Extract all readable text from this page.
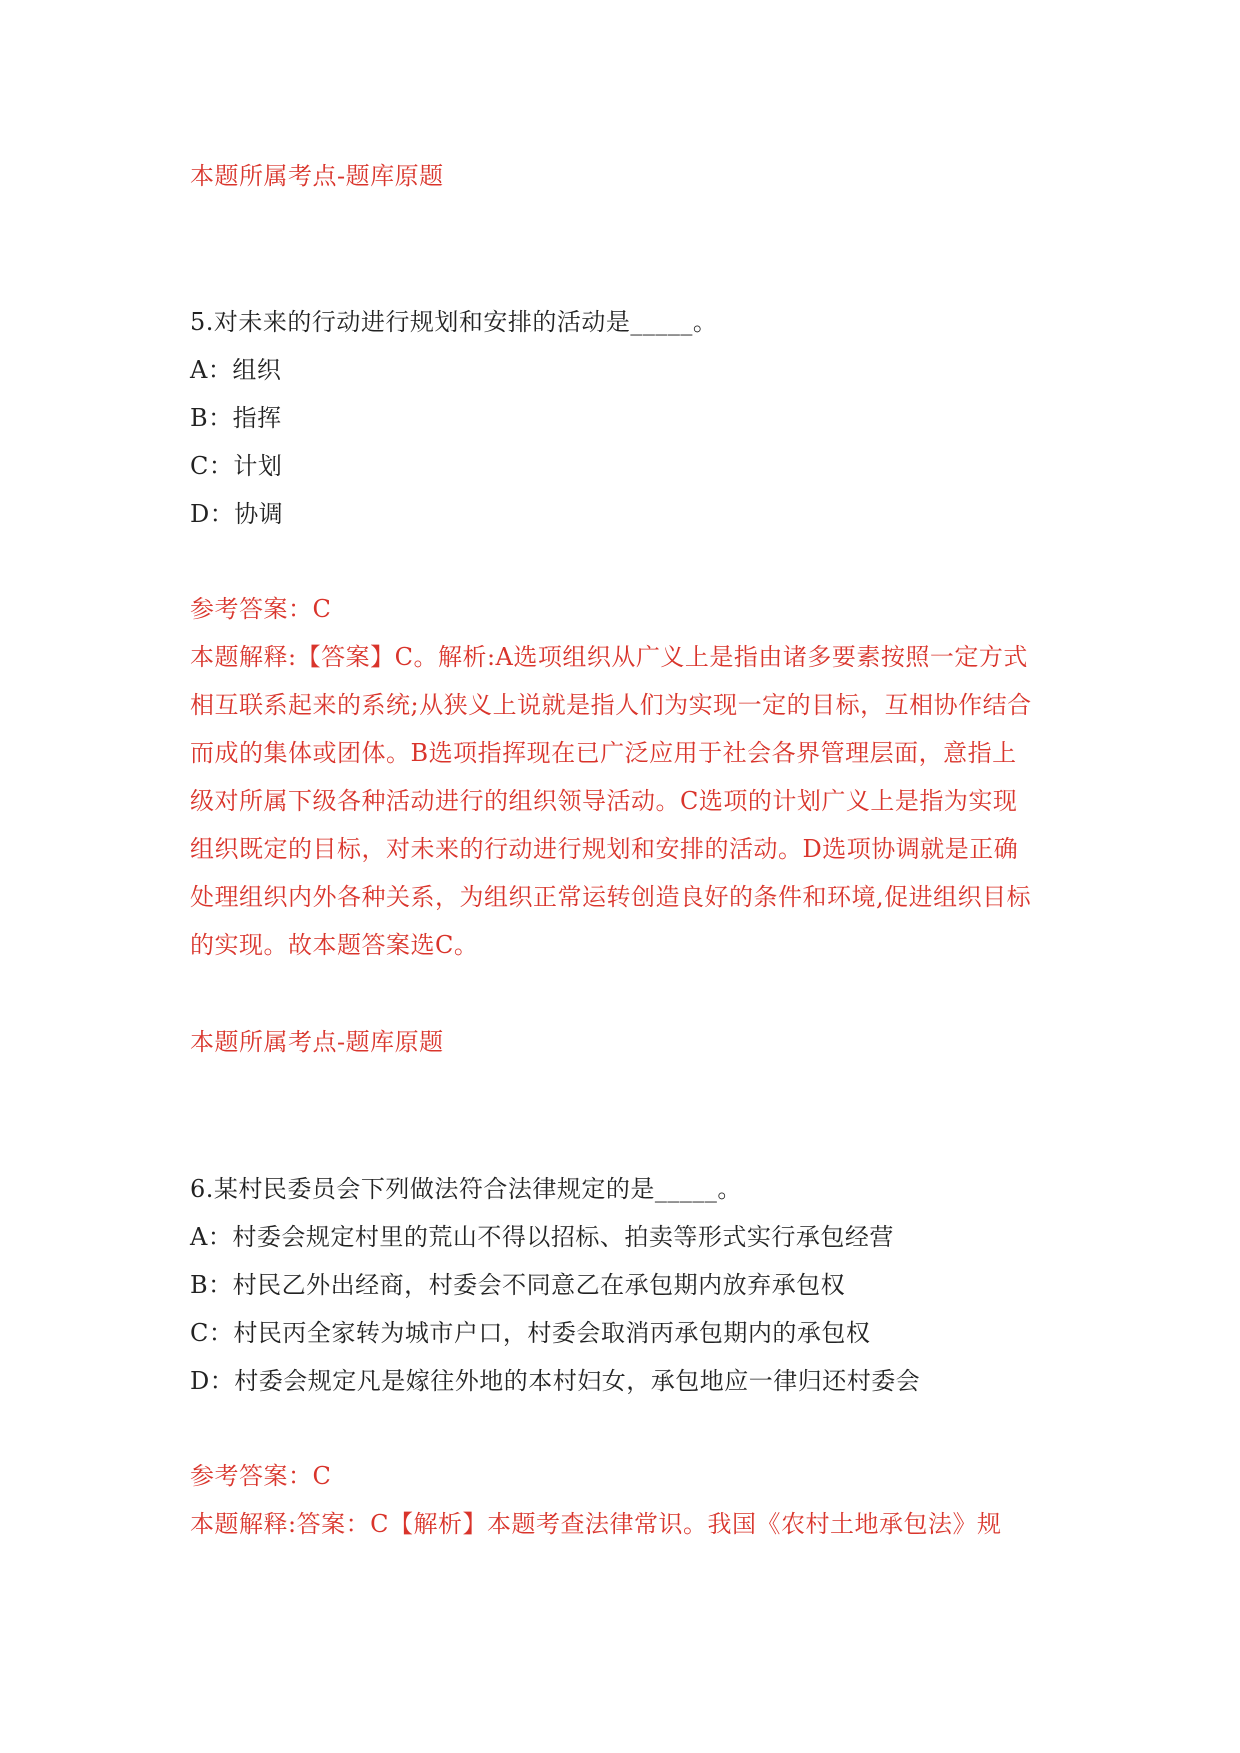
本题所属考点-题库原题
5.对未来的行动进行规划和安排的活动是_____。
A：组织
B：指挥
C：计划
D：协调
参考答案：C
本题解释:【答案】C。解析:A选项组织从广义上是指由诸多要素按照一定方式
相互联系起来的系统;从狭义上说就是指人们为实现一定的目标，互相协作结合
而成的集体或团体。B选项指挥现在已广泛应用于社会各界管理层面，意指上
级对所属下级各种活动进行的组织领导活动。C选项的计划广义上是指为实现
组织既定的目标，对未来的行动进行规划和安排的活动。D选项协调就是正确
处理组织内外各种关系，为组织正常运转创造良好的条件和环境,促进组织目标
的实现。故本题答案选C。
本题所属考点-题库原题
6.某村民委员会下列做法符合法律规定的是_____。
A：村委会规定村里的荒山不得以招标、拍卖等形式实行承包经营
B：村民乙外出经商，村委会不同意乙在承包期内放弃承包权
C：村民丙全家转为城市户口，村委会取消丙承包期内的承包权
D：村委会规定凡是嫁往外地的本村妇女，承包地应一律归还村委会
参考答案：C
本题解释:答案：C【解析】本题考查法律常识。我国《农村土地承包法》规
